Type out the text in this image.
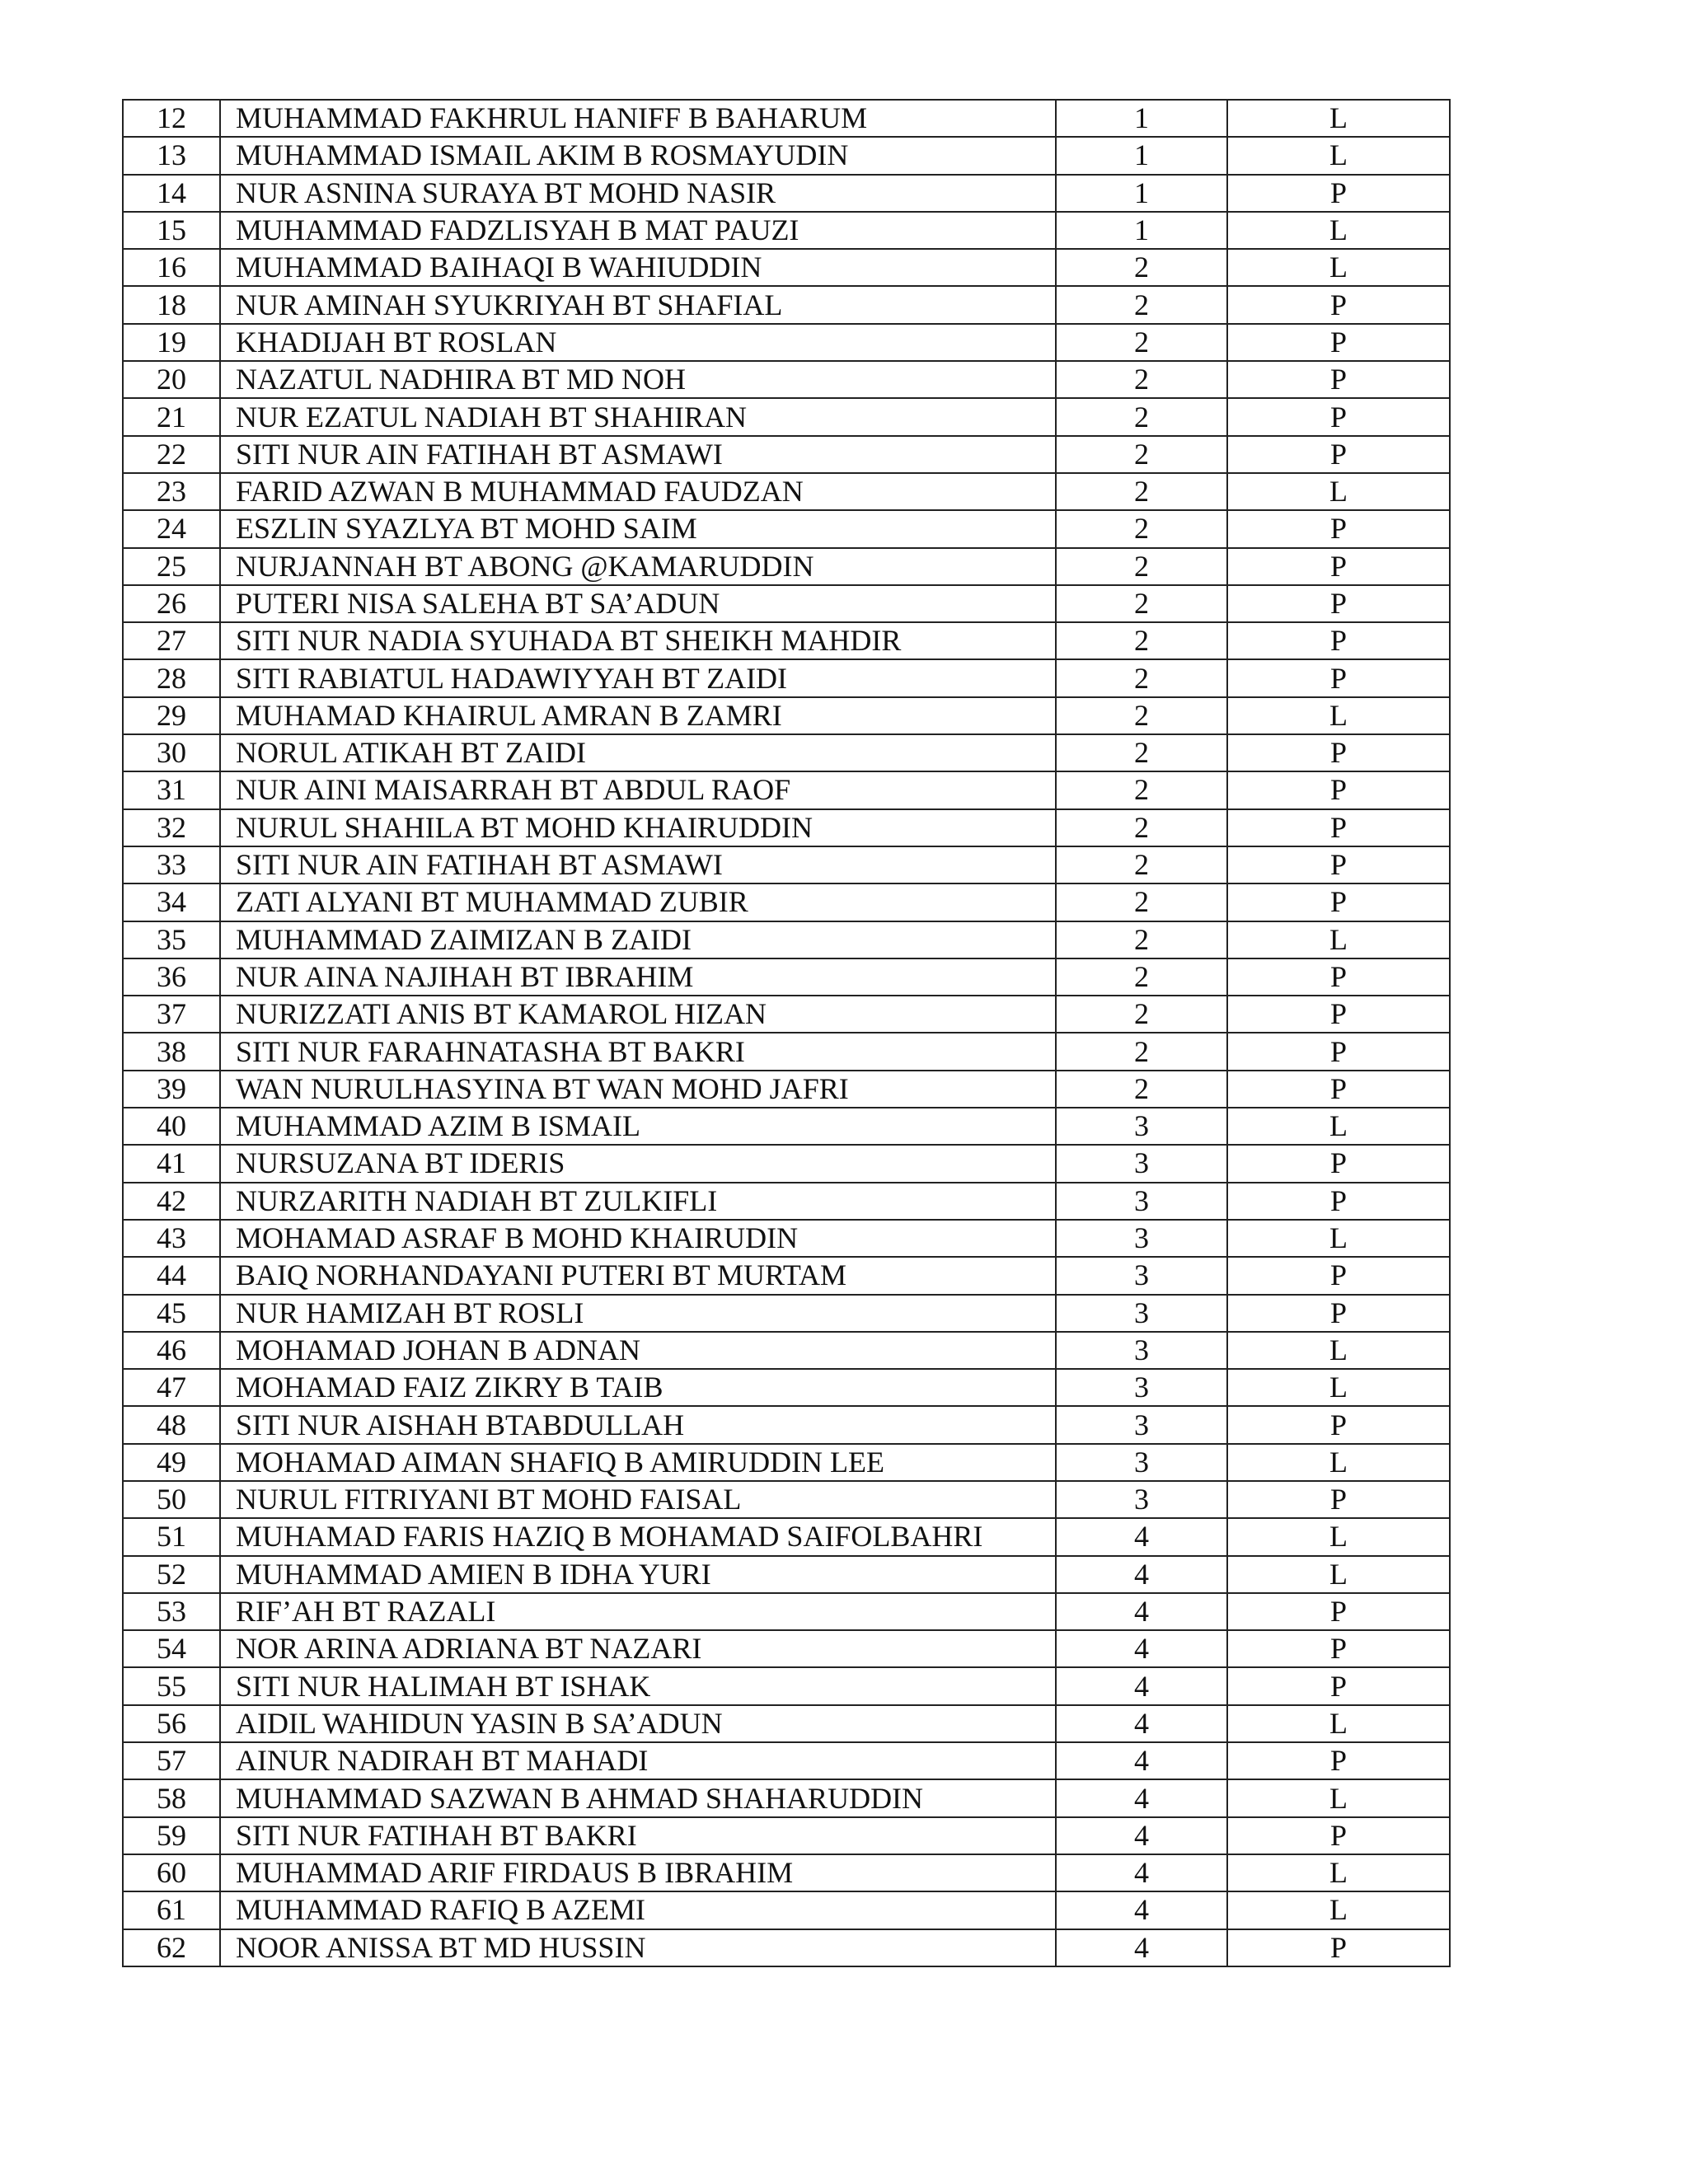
12	MUHAMMAD FAKHRUL HANIFF B BAHARUM	1	L
13	MUHAMMAD ISMAIL AKIM B ROSMAYUDIN	1	L
14	NUR ASNINA SURAYA BT MOHD NASIR	1	P
15	MUHAMMAD FADZLISYAH B MAT PAUZI	1	L
16	MUHAMMAD BAIHAQI B WAHIUDDIN	2	L
18	NUR AMINAH SYUKRIYAH BT SHAFIAL	2	P
19	KHADIJAH BT ROSLAN	2	P
20	NAZATUL NADHIRA BT MD NOH	2	P
21	NUR EZATUL NADIAH BT SHAHIRAN	2	P
22	SITI NUR AIN FATIHAH BT ASMAWI	2	P
23	FARID AZWAN B MUHAMMAD FAUDZAN	2	L
24	ESZLIN SYAZLYA BT MOHD SAIM	2	P
25	NURJANNAH BT ABONG @KAMARUDDIN	2	P
26	PUTERI NISA SALEHA BT SA’ADUN	2	P
27	SITI NUR NADIA SYUHADA BT SHEIKH MAHDIR	2	P
28	SITI RABIATUL HADAWIYYAH BT ZAIDI	2	P
29	MUHAMAD KHAIRUL AMRAN B ZAMRI	2	L
30	NORUL ATIKAH BT ZAIDI	2	P
31	NUR AINI MAISARRAH BT ABDUL RAOF	2	P
32	NURUL SHAHILA BT MOHD KHAIRUDDIN	2	P
33	SITI NUR AIN FATIHAH BT ASMAWI	2	P
34	ZATI ALYANI BT MUHAMMAD ZUBIR	2	P
35	MUHAMMAD ZAIMIZAN B ZAIDI	2	L
36	NUR AINA NAJIHAH BT IBRAHIM	2	P
37	NURIZZATI ANIS BT KAMAROL HIZAN	2	P
38	SITI NUR FARAHNATASHA BT BAKRI	2	P
39	WAN NURULHASYINA BT WAN MOHD JAFRI	2	P
40	MUHAMMAD AZIM B ISMAIL	3	L
41	NURSUZANA BT IDERIS	3	P
42	NURZARITH NADIAH BT ZULKIFLI	3	P
43	MOHAMAD ASRAF B MOHD KHAIRUDIN	3	L
44	BAIQ NORHANDAYANI PUTERI BT MURTAM	3	P
45	NUR HAMIZAH BT ROSLI	3	P
46	MOHAMAD JOHAN B ADNAN	3	L
47	MOHAMAD FAIZ ZIKRY B TAIB	3	L
48	SITI NUR AISHAH BTABDULLAH	3	P
49	MOHAMAD AIMAN SHAFIQ B AMIRUDDIN LEE	3	L
50	NURUL FITRIYANI BT MOHD FAISAL	3	P
51	MUHAMAD FARIS HAZIQ B MOHAMAD SAIFOLBAHRI	4	L
52	MUHAMMAD AMIEN B IDHA YURI	4	L
53	RIF’AH BT RAZALI	4	P
54	NOR ARINA ADRIANA BT NAZARI	4	P
55	SITI NUR HALIMAH BT ISHAK	4	P
56	AIDIL WAHIDUN YASIN B SA’ADUN	4	L
57	AINUR NADIRAH BT MAHADI	4	P
58	MUHAMMAD SAZWAN B AHMAD SHAHARUDDIN	4	L
59	SITI NUR FATIHAH BT BAKRI	4	P
60	MUHAMMAD ARIF FIRDAUS B IBRAHIM	4	L
61	MUHAMMAD RAFIQ B AZEMI	4	L
62	NOOR ANISSA BT MD HUSSIN	4	P
